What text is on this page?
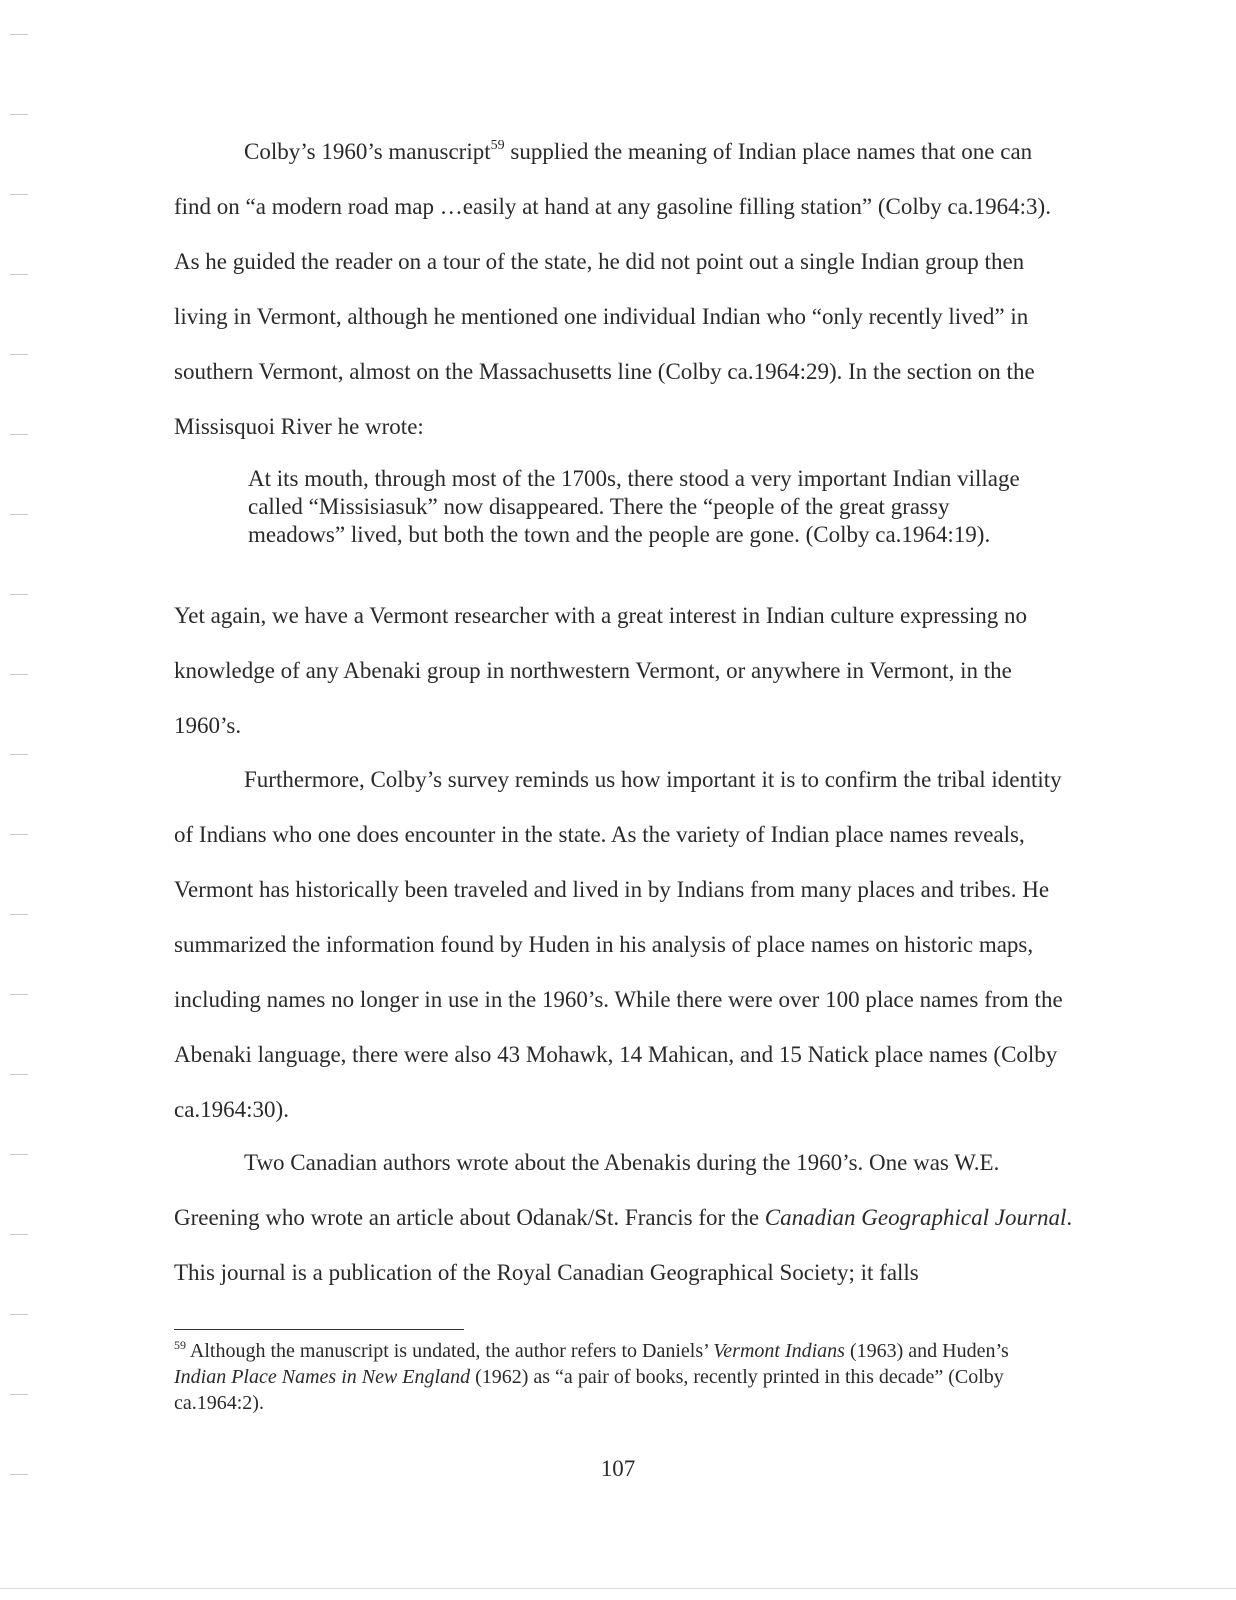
Colby’s 1960’s manuscript$^{59}$ supplied the meaning of Indian place names that one can find on “a modern road map …easily at hand at any gasoline filling station” (Colby ca.1964:3). As he guided the reader on a tour of the state, he did not point out a single Indian group then living in Vermont, although he mentioned one individual Indian who “only recently lived” in southern Vermont, almost on the Massachusetts line (Colby ca.1964:29). In the section on the Missisquoi River he wrote:

At its mouth, through most of the 1700s, there stood a very important Indian village called “Missisiasuk” now disappeared. There the “people of the great grassy meadows” lived, but both the town and the people are gone. (Colby ca.1964:19).

Yet again, we have a Vermont researcher with a great interest in Indian culture expressing no knowledge of any Abenaki group in northwestern Vermont, or anywhere in Vermont, in the 1960’s.

Furthermore, Colby’s survey reminds us how important it is to confirm the tribal identity of Indians who one does encounter in the state. As the variety of Indian place names reveals, Vermont has historically been traveled and lived in by Indians from many places and tribes. He summarized the information found by Huden in his analysis of place names on historic maps, including names no longer in use in the 1960’s. While there were over 100 place names from the Abenaki language, there were also 43 Mohawk, 14 Mahican, and 15 Natick place names (Colby ca.1964:30).

Two Canadian authors wrote about the Abenakis during the 1960’s. One was W.E. Greening who wrote an article about Odanak/St. Francis for the Canadian Geographical Journal. This journal is a publication of the Royal Canadian Geographical Society; it falls

$^{59}$ Although the manuscript is undated, the author refers to Daniels’ Vermont Indians (1963) and Huden’s Indian Place Names in New England (1962) as “a pair of books, recently printed in this decade” (Colby ca.1964:2).

107
